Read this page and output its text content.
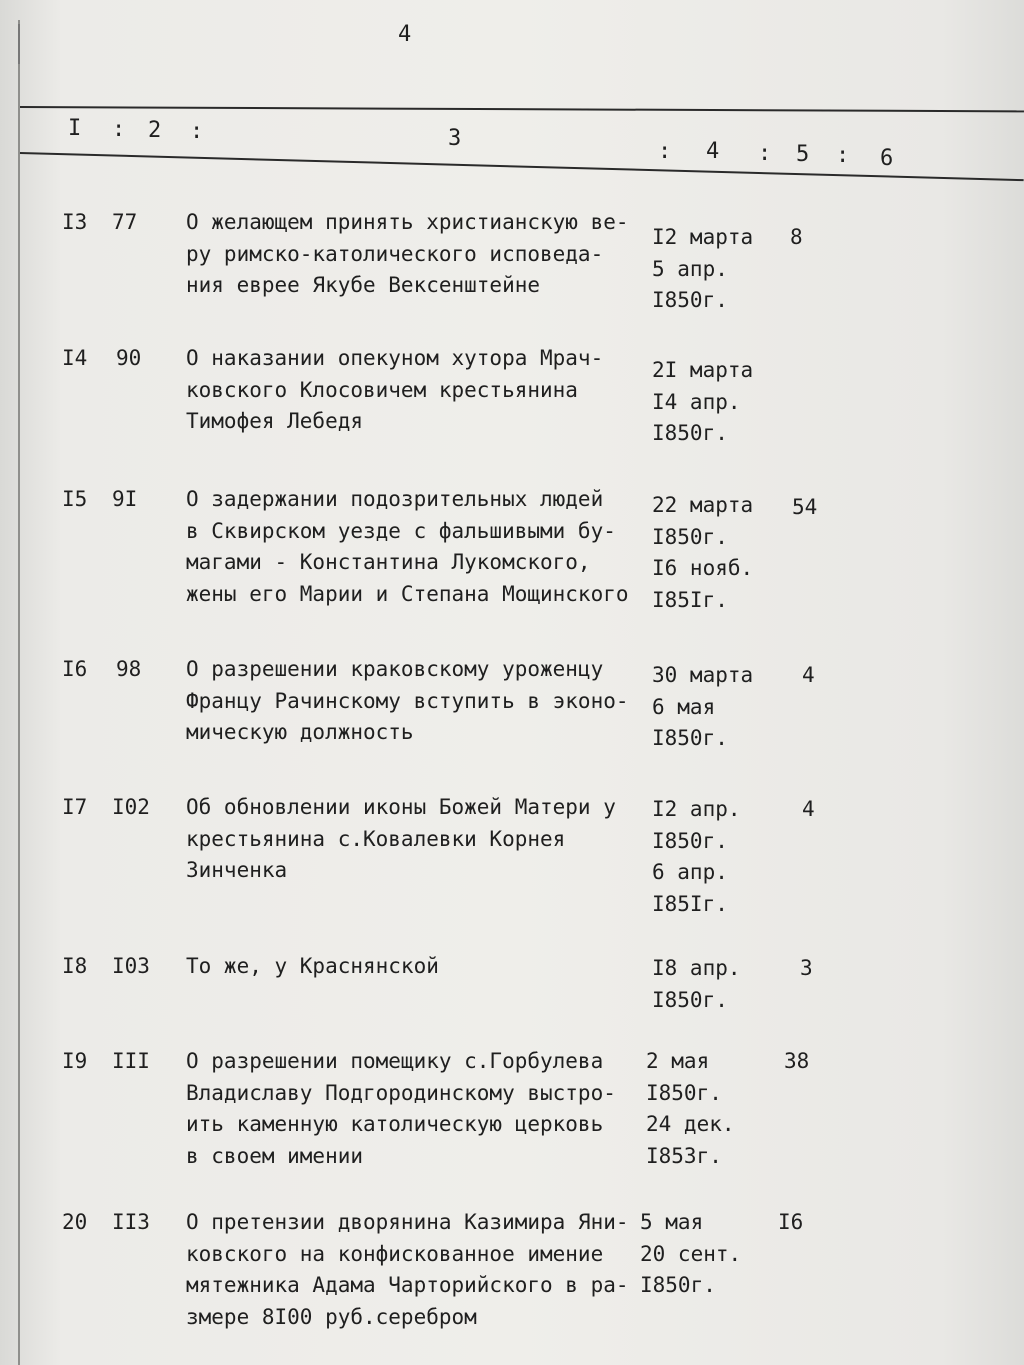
4
I : 2 :	3
: 4 : 5 : 6
I3 77 О желающем принять христианскую ве-
ру римско-католического исповеда-
ния еврее Якубе Вексенштейне
I2 марта
5 апр.
I850г.
8
I4 90 О наказании опекуном хутора Мрач-
ковского Клосовичем крестьянина
Тимофея Лебедя
2I марта
I4 апр.
I850г.
I5 9I О задержании подозрительных людей
в Сквирском уезде с фальшивыми бу-
магами - Константина Лукомского,
жены его Марии и Степана Мощинского
22 марта
I850г.
I6 нояб.
I85Iг.
54
I6 98 О разрешении краковскому уроженцу
Францу Рачинскому вступить в эконо-
мическую должность
30 марта
6 мая
I850г.
4
I7 I02 Об обновлении иконы Божей Матери у
крестьянина с.Ковалевки Корнея
Зинченка
I2 апр.
I850г.
6 апр.
I85Iг.
4
I8 I03 То же, у Краснянской	I8 апр.
I850г.
3
I9 III О разрешении помещику с.Горбулева
Владиславу Подгородинскому выстро-
ить каменную католическую церковь
в своем имении
2 мая
I850г.
24 дек.
I853г.
38
20 II3 О претензии дворянина Казимира Яни-
ковского на конфискованное имение
мятежника Адама Чарторийского в ра-
змере 8I00 руб.серебром
5 мая
20 сент.
I850г.
I6
